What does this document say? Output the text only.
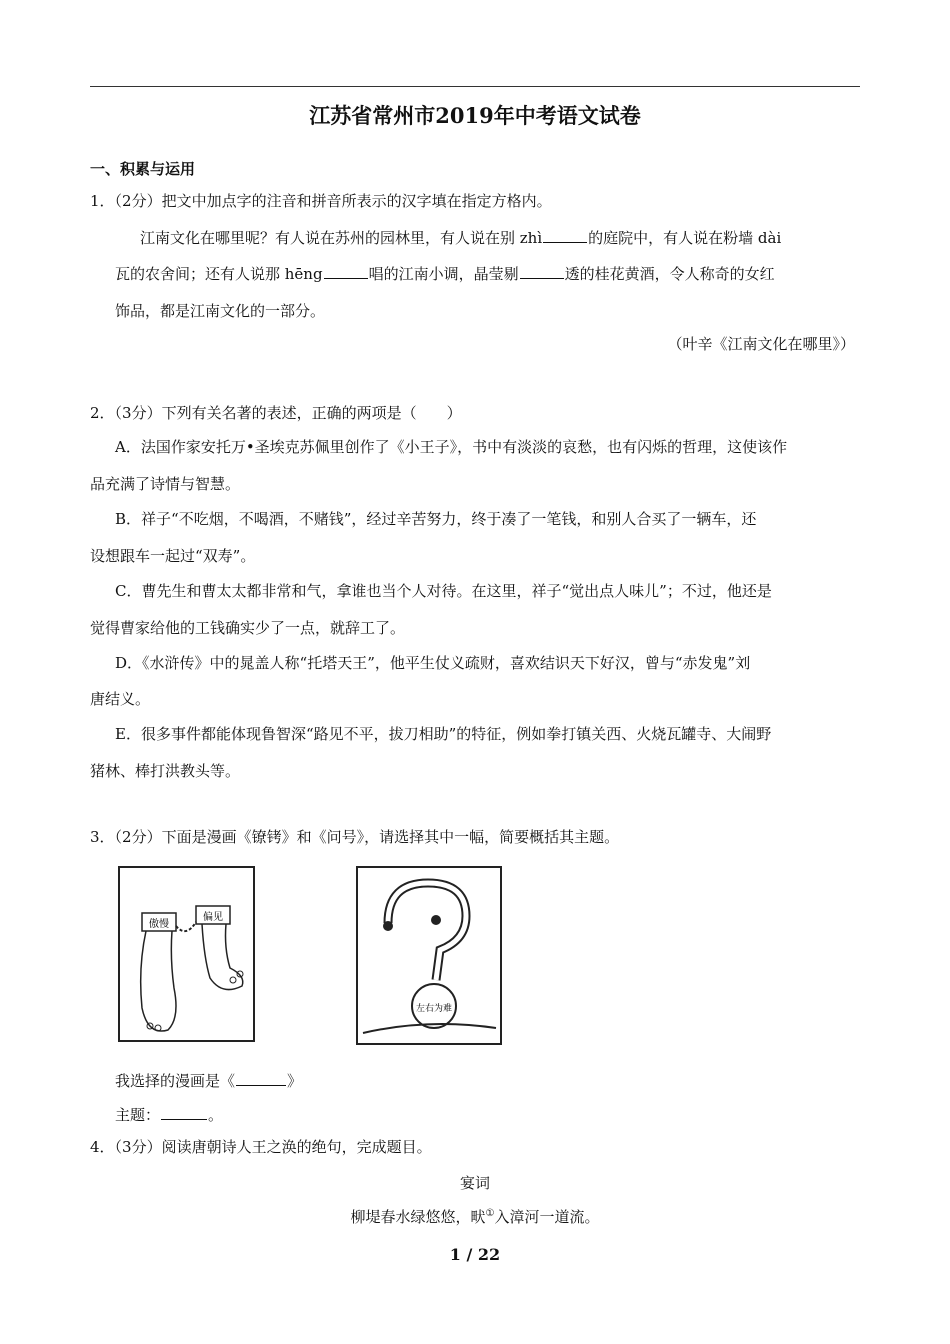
江苏省常州市2019年中考语文试卷
一、积累与运用
1．（2分）把文中加点字的注音和拼音所表示的汉字填在指定方格内。
江南文化在哪里呢？有人说在苏州的园林里，有人说在别 zhì	的庭院中，有人说在粉墙 dài
瓦的农舍间；还有人说那 hēng	唱的江南小调，晶莹剔	透的桂花黄酒，令人称奇的女红
饰品，都是江南文化的一部分。
（叶辛《江南文化在哪里》）
2．（3分）下列有关名著的表述，正确的两项是（　　）
A．法国作家安托万•圣埃克苏佩里创作了《小王子》，书中有淡淡的哀愁，也有闪烁的哲理，这使该作
品充满了诗情与智慧。
B．祥子“不吃烟，不喝酒，不赌钱”，经过辛苦努力，终于凑了一笔钱，和别人合买了一辆车，还
设想跟车一起过“双寿”。
C．曹先生和曹太太都非常和气，拿谁也当个人对待。在这里，祥子“觉出点人味儿”；不过，他还是
觉得曹家给他的工钱确实少了一点，就辞工了。
D．《水浒传》中的晁盖人称“托塔天王”，他平生仗义疏财，喜欢结识天下好汉，曾与“赤发鬼”刘
唐结义。
E．很多事件都能体现鲁智深“路见不平，拔刀相助”的特征，例如拳打镇关西、火烧瓦罐寺、大闹野
猪林、棒打洪教头等。
3．（2分）下面是漫画《镣铐》和《问号》，请选择其中一幅，简要概括其主题。
傲慢
偏见
左右为难
我选择的漫画是《	》
主题：	。
4．（3分）阅读唐朝诗人王之涣的绝句，完成题目。
宴词
柳堤春水绿悠悠，畎①入漳河一道流。
1 / 22
